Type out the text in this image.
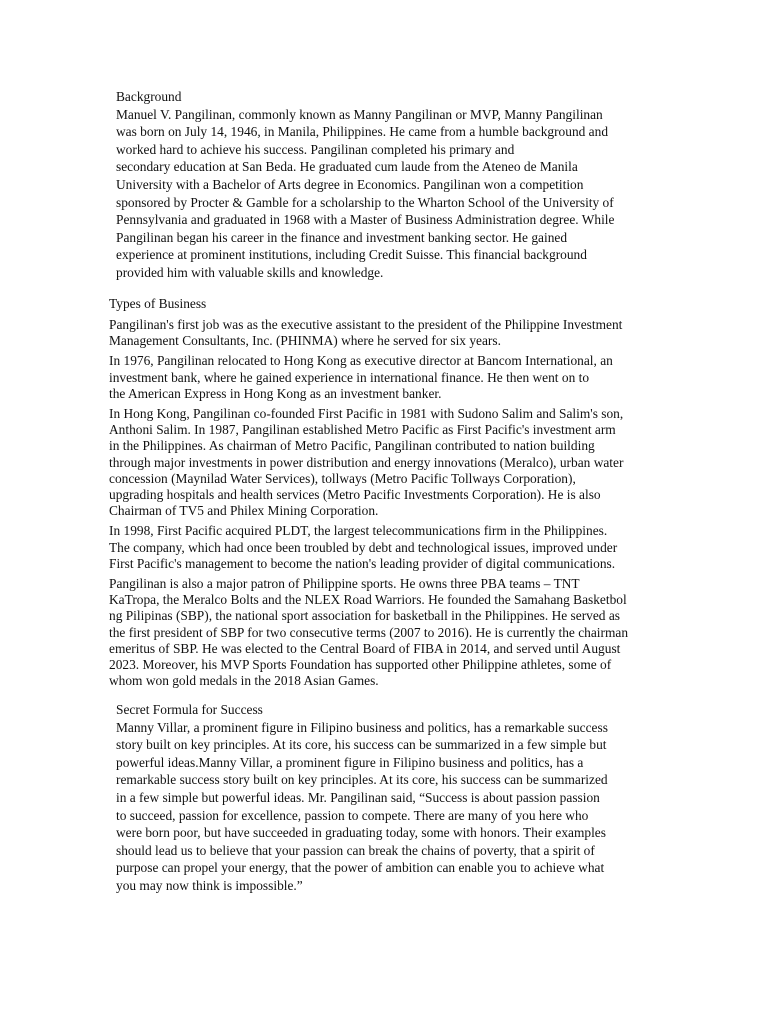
Background
Manuel V. Pangilinan, commonly known as Manny Pangilinan or MVP, Manny Pangilinan
was born on July 14, 1946, in Manila, Philippines. He came from a humble background and
worked hard to achieve his success. Pangilinan completed his primary and
secondary education at San Beda. He graduated cum laude from the Ateneo de Manila
University with a Bachelor of Arts degree in Economics. Pangilinan won a competition
sponsored by Procter & Gamble for a scholarship to the Wharton School of the University of
Pennsylvania and graduated in 1968 with a Master of Business Administration degree. While
Pangilinan began his career in the finance and investment banking sector. He gained
experience at prominent institutions, including Credit Suisse. This financial background
provided him with valuable skills and knowledge.
Types of Business
Pangilinan's first job was as the executive assistant to the president of the Philippine Investment
Management Consultants, Inc. (PHINMA) where he served for six years.
In 1976, Pangilinan relocated to Hong Kong as executive director at Bancom International, an
investment bank, where he gained experience in international finance. He then went on to
the American Express in Hong Kong as an investment banker.
In Hong Kong, Pangilinan co-founded First Pacific in 1981 with Sudono Salim and Salim's son,
Anthoni Salim. In 1987, Pangilinan established Metro Pacific as First Pacific's investment arm
in the Philippines. As chairman of Metro Pacific, Pangilinan contributed to nation building
through major investments in power distribution and energy innovations (Meralco), urban water
concession (Maynilad Water Services), tollways (Metro Pacific Tollways Corporation),
upgrading hospitals and health services (Metro Pacific Investments Corporation). He is also
Chairman of TV5 and Philex Mining Corporation.
In 1998, First Pacific acquired PLDT, the largest telecommunications firm in the Philippines.
The company, which had once been troubled by debt and technological issues, improved under
First Pacific's management to become the nation's leading provider of digital communications.
Pangilinan is also a major patron of Philippine sports. He owns three PBA teams – TNT
KaTropa, the Meralco Bolts and the NLEX Road Warriors. He founded the Samahang Basketbol
ng Pilipinas (SBP), the national sport association for basketball in the Philippines. He served as
the first president of SBP for two consecutive terms (2007 to 2016). He is currently the chairman
emeritus of SBP. He was elected to the Central Board of FIBA in 2014, and served until August
2023. Moreover, his MVP Sports Foundation has supported other Philippine athletes, some of
whom won gold medals in the 2018 Asian Games.
Secret Formula for Success
Manny Villar, a prominent figure in Filipino business and politics, has a remarkable success
story built on key principles. At its core, his success can be summarized in a few simple but
powerful ideas.Manny Villar, a prominent figure in Filipino business and politics, has a
remarkable success story built on key principles. At its core, his success can be summarized
in a few simple but powerful ideas. Mr. Pangilinan said, “Success is about passion passion
to succeed, passion for excellence, passion to compete. There are many of you here who
were born poor, but have succeeded in graduating today, some with honors. Their examples
should lead us to believe that your passion can break the chains of poverty, that a spirit of
purpose can propel your energy, that the power of ambition can enable you to achieve what
you may now think is impossible.”
